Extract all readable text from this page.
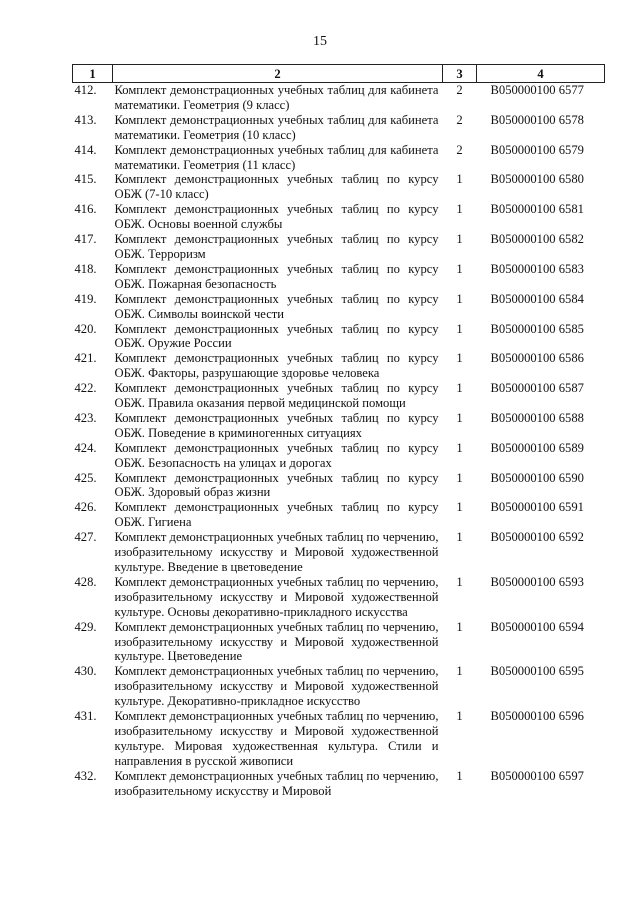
15
1	2	3	4
412.	Комплект демонстрационных учебных таблиц для кабинета математики. Геометрия (9 класс)	2	B050000100 6577
413.	Комплект демонстрационных учебных таблиц для кабинета математики. Геометрия (10 класс)	2	B050000100 6578
414.	Комплект демонстрационных учебных таблиц для кабинета математики. Геометрия (11 класс)	2	B050000100 6579
415.	Комплект демонстрационных учебных таблиц по курсу ОБЖ (7-10 класс)	1	B050000100 6580
416.	Комплект демонстрационных учебных таблиц по курсу ОБЖ. Основы военной службы	1	B050000100 6581
417.	Комплект демонстрационных учебных таблиц по курсу ОБЖ. Терроризм	1	B050000100 6582
418.	Комплект демонстрационных учебных таблиц по курсу ОБЖ. Пожарная безопасность	1	B050000100 6583
419.	Комплект демонстрационных учебных таблиц по курсу ОБЖ. Символы воинской чести	1	B050000100 6584
420.	Комплект демонстрационных учебных таблиц по курсу ОБЖ. Оружие России	1	B050000100 6585
421.	Комплект демонстрационных учебных таблиц по курсу ОБЖ. Факторы, разрушающие здоровье человека	1	B050000100 6586
422.	Комплект демонстрационных учебных таблиц по курсу ОБЖ. Правила оказания первой медицинской помощи	1	B050000100 6587
423.	Комплект демонстрационных учебных таблиц по курсу ОБЖ. Поведение в криминогенных ситуациях	1	B050000100 6588
424.	Комплект демонстрационных учебных таблиц по курсу ОБЖ. Безопасность на улицах и дорогах	1	B050000100 6589
425.	Комплект демонстрационных учебных таблиц по курсу ОБЖ. Здоровый образ жизни	1	B050000100 6590
426.	Комплект демонстрационных учебных таблиц по курсу ОБЖ. Гигиена	1	B050000100 6591
427.	Комплект демонстрационных учебных таблиц по черчению, изобразительному искусству и Мировой художественной культуре. Введение в цветоведение	1	B050000100 6592
428.	Комплект демонстрационных учебных таблиц по черчению, изобразительному искусству и Мировой художественной культуре. Основы декоративно-прикладного искусства	1	B050000100 6593
429.	Комплект демонстрационных учебных таблиц по черчению, изобразительному искусству и Мировой художественной культуре. Цветоведение	1	B050000100 6594
430.	Комплект демонстрационных учебных таблиц по черчению, изобразительному искусству и Мировой художественной культуре. Декоративно-прикладное искусство	1	B050000100 6595
431.	Комплект демонстрационных учебных таблиц по черчению, изобразительному искусству и Мировой художественной культуре. Мировая художественная культура. Стили и направления в русской живописи	1	B050000100 6596
432.	Комплект демонстрационных учебных таблиц по черчению, изобразительному искусству и Мировой	1	B050000100 6597
